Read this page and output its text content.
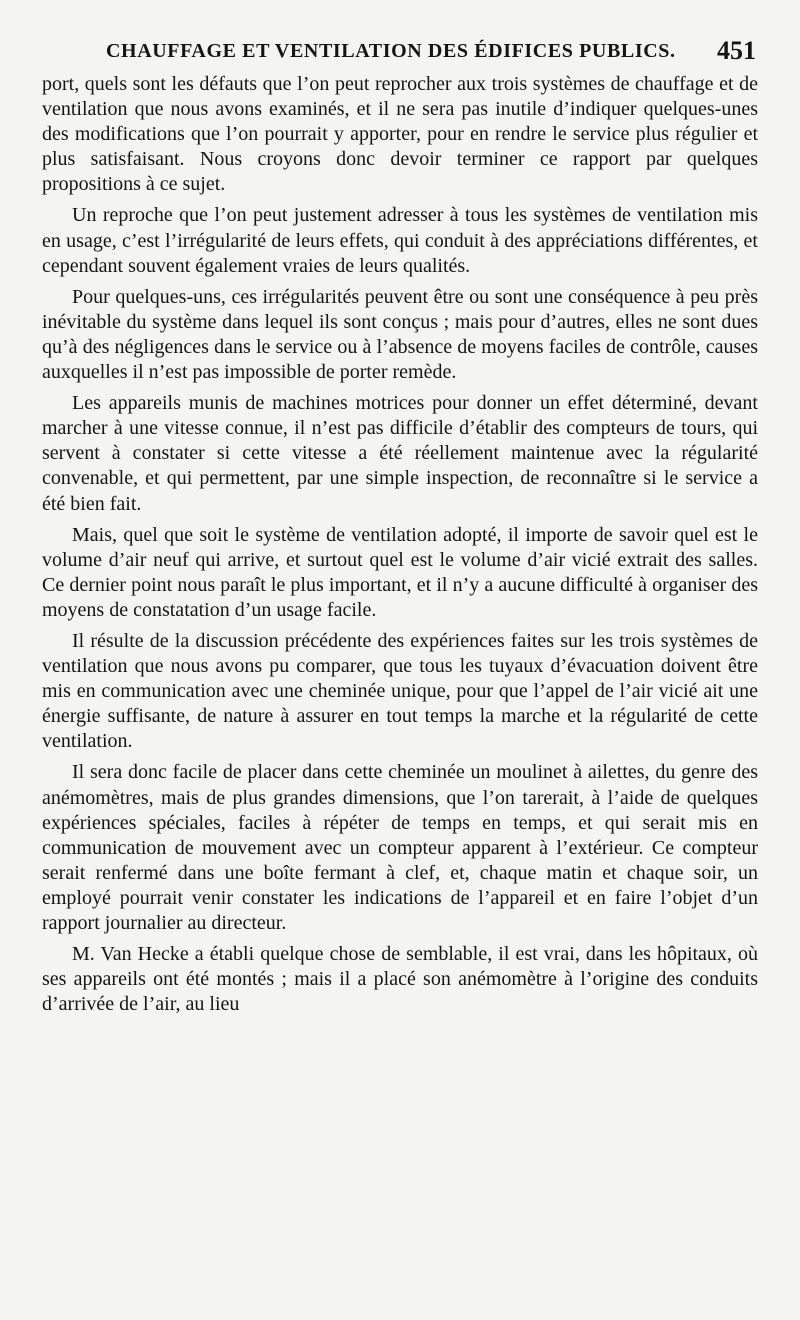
CHAUFFAGE ET VENTILATION DES ÉDIFICES PUBLICS. 451

port, quels sont les défauts que l’on peut reprocher aux trois systèmes de chauffage et de ventilation que nous avons examinés, et il ne sera pas inutile d’indiquer quelques-unes des modifications que l’on pourrait y apporter, pour en rendre le service plus régulier et plus satisfaisant. Nous croyons donc devoir terminer ce rapport par quelques propositions à ce sujet.

Un reproche que l’on peut justement adresser à tous les systèmes de ventilation mis en usage, c’est l’irrégularité de leurs effets, qui conduit à des appréciations différentes, et cependant souvent également vraies de leurs qualités.

Pour quelques-uns, ces irrégularités peuvent être ou sont une conséquence à peu près inévitable du système dans lequel ils sont conçus ; mais pour d’autres, elles ne sont dues qu’à des négligences dans le service ou à l’absence de moyens faciles de contrôle, causes auxquelles il n’est pas impossible de porter remède.

Les appareils munis de machines motrices pour donner un effet déterminé, devant marcher à une vitesse connue, il n’est pas difficile d’établir des compteurs de tours, qui servent à constater si cette vitesse a été réellement maintenue avec la régularité convenable, et qui permettent, par une simple inspection, de reconnaître si le service a été bien fait.

Mais, quel que soit le système de ventilation adopté, il importe de savoir quel est le volume d’air neuf qui arrive, et surtout quel est le volume d’air vicié extrait des salles. Ce dernier point nous paraît le plus important, et il n’y a aucune difficulté à organiser des moyens de constatation d’un usage facile.

Il résulte de la discussion précédente des expériences faites sur les trois systèmes de ventilation que nous avons pu comparer, que tous les tuyaux d’évacuation doivent être mis en communication avec une cheminée unique, pour que l’appel de l’air vicié ait une énergie suffisante, de nature à assurer en tout temps la marche et la régularité de cette ventilation.

Il sera donc facile de placer dans cette cheminée un moulinet à ailettes, du genre des anémomètres, mais de plus grandes dimensions, que l’on tarerait, à l’aide de quelques expériences spéciales, faciles à répéter de temps en temps, et qui serait mis en communication de mouvement avec un compteur apparent à l’extérieur. Ce compteur serait renfermé dans une boîte fermant à clef, et, chaque matin et chaque soir, un employé pourrait venir constater les indications de l’appareil et en faire l’objet d’un rapport journalier au directeur.

M. Van Hecke a établi quelque chose de semblable, il est vrai, dans les hôpitaux, où ses appareils ont été montés ; mais il a placé son anémomètre à l’origine des conduits d’arrivée de l’air, au lieu
